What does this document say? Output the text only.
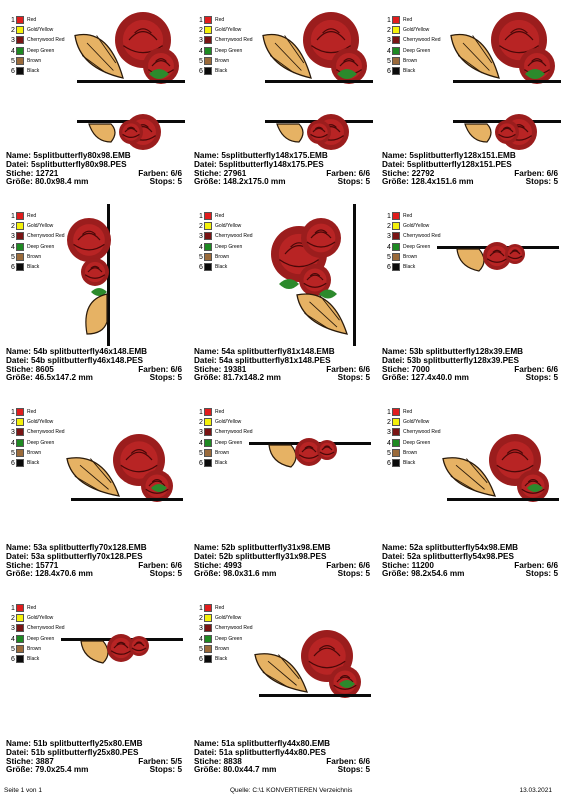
1 Red
2 Gold/Yellow
3 Cherrywood Red
4 Deep Green
5 Brown
6 Black
Name: 5splitbutterfly80x98.EMB
Datei: 5splitbutterfly80x98.PES
Stiche: 12721	Farben: 6/6
Größe: 80.0x98.4 mm	Stops: 5
1 Red
2 Gold/Yellow
3 Cherrywood Red
4 Deep Green
5 Brown
6 Black
Name: 5splitbutterfly148x175.EMB
Datei: 5splitbutterfly148x175.PES
Stiche: 27961	Farben: 6/6
Größe: 148.2x175.0 mm	Stops: 5
1 Red
2 Gold/Yellow
3 Cherrywood Red
4 Deep Green
5 Brown
6 Black
Name: 5splitbutterfly128x151.EMB
Datei: 5splitbutterfly128x151.PES
Stiche: 22792	Farben: 6/6
Größe: 128.4x151.6 mm	Stops: 5
1 Red
2 Gold/Yellow
3 Cherrywood Red
4 Deep Green
5 Brown
6 Black
Name: 54b splitbutterfly46x148.EMB
Datei: 54b splitbutterfly46x148.PES
Stiche: 8605	Farben: 6/6
Größe: 46.5x147.2 mm	Stops: 5
1 Red
2 Gold/Yellow
3 Cherrywood Red
4 Deep Green
5 Brown
6 Black
Name: 54a splitbutterfly81x148.EMB
Datei: 54a splitbutterfly81x148.PES
Stiche: 19381	Farben: 6/6
Größe: 81.7x148.2 mm	Stops: 5
1 Red
2 Gold/Yellow
3 Cherrywood Red
4 Deep Green
5 Brown
6 Black
Name: 53b splitbutterfly128x39.EMB
Datei: 53b splitbutterfly128x39.PES
Stiche: 7000	Farben: 6/6
Größe: 127.4x40.0 mm	Stops: 5
1 Red
2 Gold/Yellow
3 Cherrywood Red
4 Deep Green
5 Brown
6 Black
Name: 53a splitbutterfly70x128.EMB
Datei: 53a splitbutterfly70x128.PES
Stiche: 15771	Farben: 6/6
Größe: 128.4x70.6 mm	Stops: 5
1 Red
2 Gold/Yellow
3 Cherrywood Red
4 Deep Green
5 Brown
6 Black
Name: 52b splitbutterfly31x98.EMB
Datei: 52b splitbutterfly31x98.PES
Stiche: 4993	Farben: 6/6
Größe: 98.0x31.6 mm	Stops: 5
1 Red
2 Gold/Yellow
3 Cherrywood Red
4 Deep Green
5 Brown
6 Black
Name: 52a splitbutterfly54x98.EMB
Datei: 52a splitbutterfly54x98.PES
Stiche: 11200	Farben: 6/6
Größe: 98.2x54.6 mm	Stops: 5
1 Red
2 Gold/Yellow
3 Cherrywood Red
4 Deep Green
5 Brown
6 Black
Name: 51b splitbutterfly25x80.EMB
Datei: 51b splitbutterfly25x80.PES
Stiche: 3887	Farben: 5/5
Größe: 79.0x25.4 mm	Stops: 5
1 Red
2 Gold/Yellow
3 Cherrywood Red
4 Deep Green
5 Brown
6 Black
Name: 51a splitbutterfly44x80.EMB
Datei: 51a splitbutterfly44x80.PES
Stiche: 8838	Farben: 6/6
Größe: 80.0x44.7 mm	Stops: 5
Seite 1 von 1	Quelle: C:\1 KONVERTIEREN Verzeichnis	13.03.2021
